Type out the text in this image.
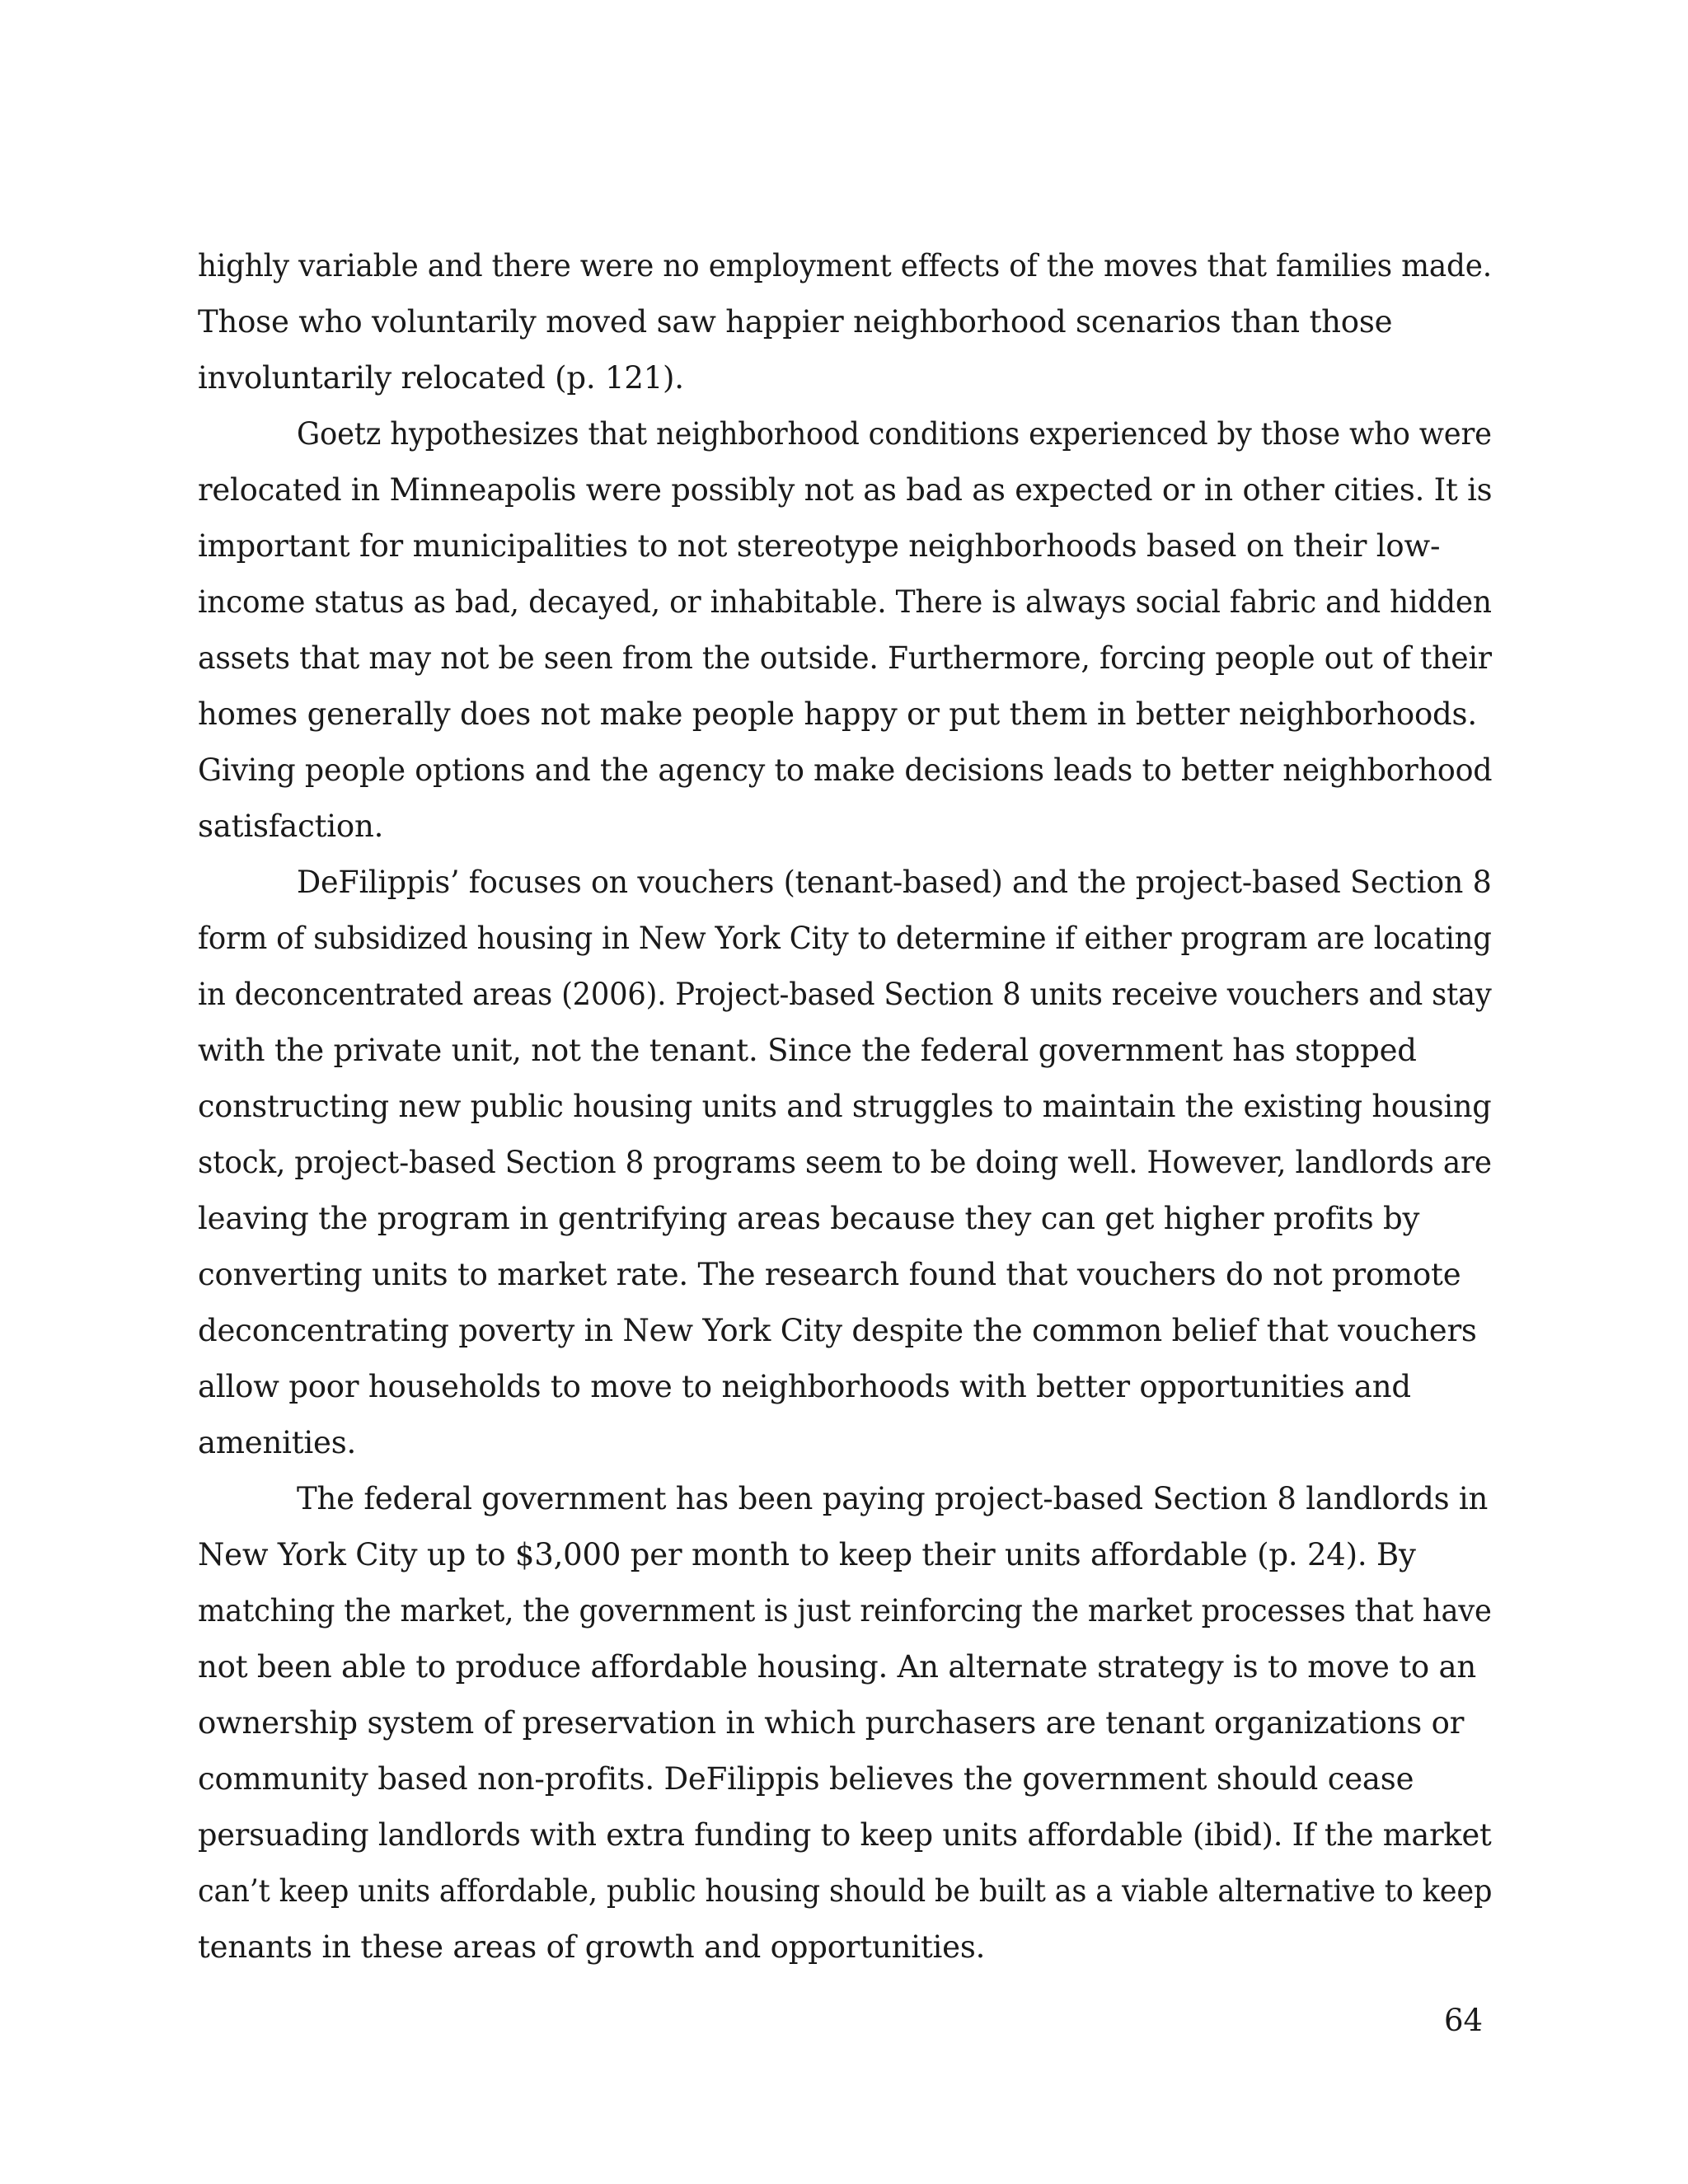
highly variable and there were no employment effects of the moves that families made.
Those who voluntarily moved saw happier neighborhood scenarios than those
involuntarily relocated (p. 121).
Goetz hypothesizes that neighborhood conditions experienced by those who were
relocated in Minneapolis were possibly not as bad as expected or in other cities. It is
important for municipalities to not stereotype neighborhoods based on their low-
income status as bad, decayed, or inhabitable. There is always social fabric and hidden
assets that may not be seen from the outside. Furthermore, forcing people out of their
homes generally does not make people happy or put them in better neighborhoods.
Giving people options and the agency to make decisions leads to better neighborhood
satisfaction.
DeFilippis’ focuses on vouchers (tenant-based) and the project-based Section 8
form of subsidized housing in New York City to determine if either program are locating
in deconcentrated areas (2006). Project-based Section 8 units receive vouchers and stay
with the private unit, not the tenant. Since the federal government has stopped
constructing new public housing units and struggles to maintain the existing housing
stock, project-based Section 8 programs seem to be doing well. However, landlords are
leaving the program in gentrifying areas because they can get higher profits by
converting units to market rate. The research found that vouchers do not promote
deconcentrating poverty in New York City despite the common belief that vouchers
allow poor households to move to neighborhoods with better opportunities and
amenities.
The federal government has been paying project-based Section 8 landlords in
New York City up to $3,000 per month to keep their units affordable (p. 24). By
matching the market, the government is just reinforcing the market processes that have
not been able to produce affordable housing. An alternate strategy is to move to an
ownership system of preservation in which purchasers are tenant organizations or
community based non-profits. DeFilippis believes the government should cease
persuading landlords with extra funding to keep units affordable (ibid). If the market
can’t keep units affordable, public housing should be built as a viable alternative to keep
tenants in these areas of growth and opportunities.
64
